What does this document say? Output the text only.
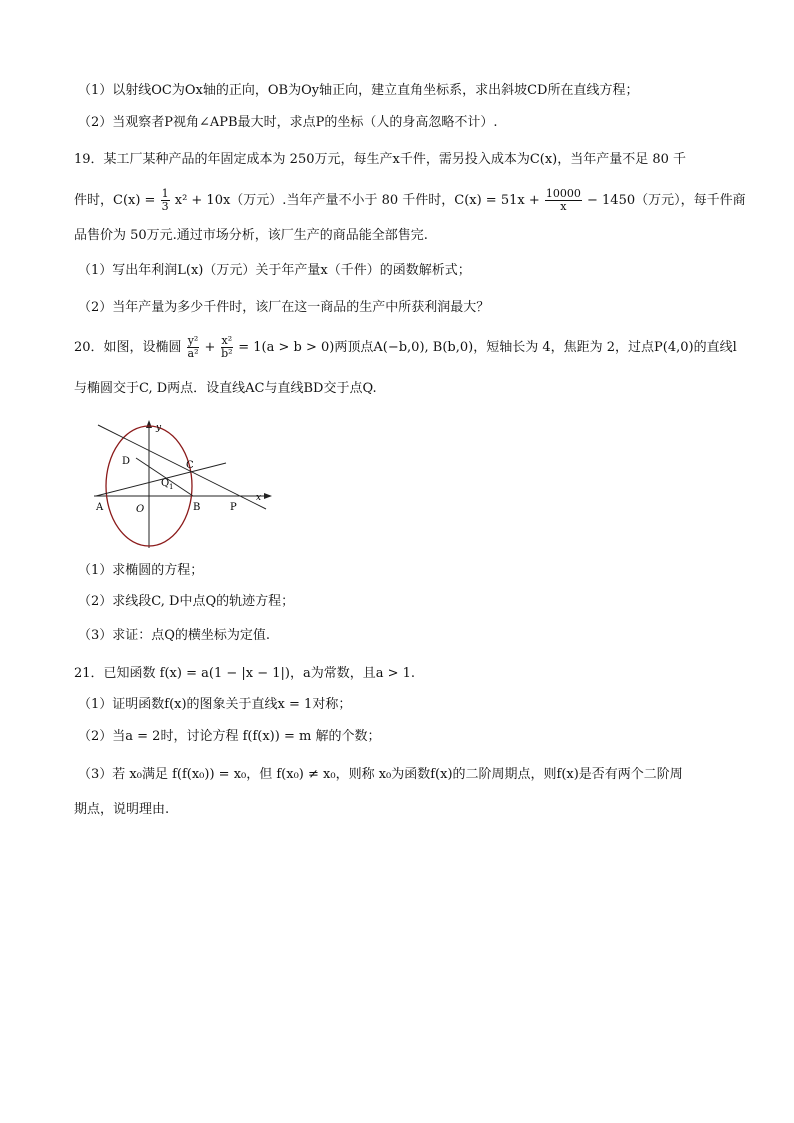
（1）以射线OC为Ox轴的正向，OB为Oy轴正向，建立直角坐标系，求出斜坡CD所在直线方程；
（2）当观察者P视角∠APB最大时，求点P的坐标（人的身高忽略不计）.
19．某工厂某种产品的年固定成本为 250万元，每生产x千件，需另投入成本为C(x)，当年产量不足 80 千
件时，$C(x) = \frac{1}{3} x^2 + 10x$（万元）.当年产量不小于 80 千件时，$C(x) = 51x + \frac{10000}{x} - 1450$（万元），每千件商
品售价为 50万元.通过市场分析，该厂生产的商品能全部售完.
（1）写出年利润L(x)（万元）关于年产量x（千件）的函数解析式；
（2）当年产量为多少千件时，该厂在这一商品的生产中所获利润最大？
20．如图，设椭圆 $\frac{\text{y²}}{\text{a²}} + \frac{\text{x²}}{\text{b²}} = 1(a > b > 0)$两顶点A(−b,0), B(b,0)，短轴长为 4，焦距为 2，过点P(4,0)的直线l
与椭圆交于C, D两点．设直线AC与直线BD交于点Q.
y
x
D	C
Q 1
A	O	B	P
（1）求椭圆的方程；
（2）求线段C, D中点Q的轨迹方程；
（3）求证：点Q的横坐标为定值.
21．已知函数 f(x) = a(1 − |x − 1|)，a为常数，且a > 1.
（1）证明函数f(x)的图象关于直线x = 1对称；
（2）当a = 2时，讨论方程 f(f(x)) = m 解的个数；
（3）若 x₀满足 f(f(x₀)) = x₀，但 f(x₀) ≠ x₀，则称 x₀为函数f(x)的二阶周期点，则f(x)是否有两个二阶周
期点，说明理由.
